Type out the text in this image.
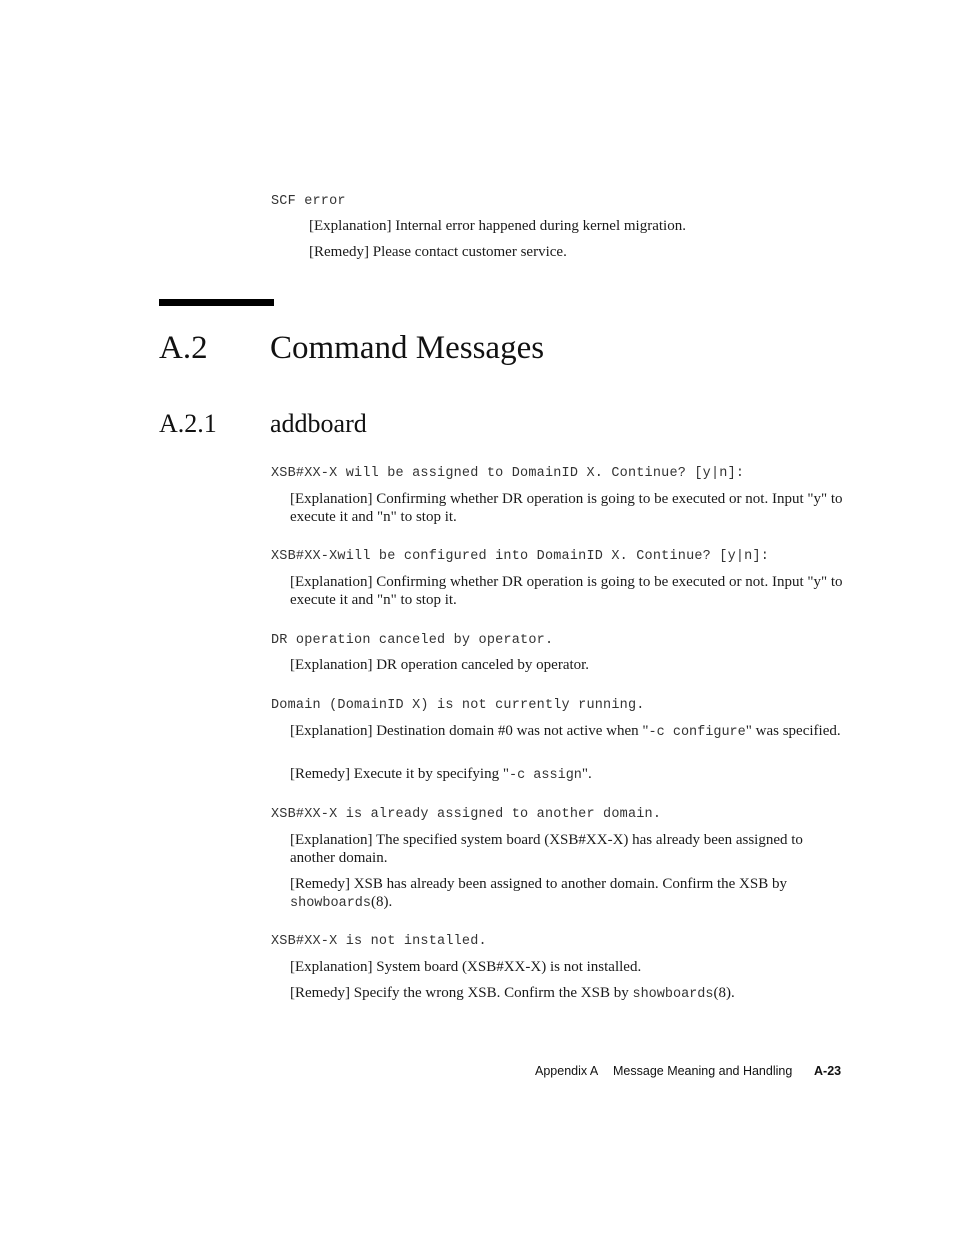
SCF error
[Explanation] Internal error happened during kernel migration.
[Remedy] Please contact customer service.
A.2 Command Messages
A.2.1 addboard
XSB#XX-X will be assigned to DomainID X. Continue? [y|n]:
[Explanation] Confirming whether DR operation is going to be executed or not. Input "y" to execute it and "n" to stop it.
XSB#XX-Xwill be configured into DomainID X. Continue? [y|n]:
[Explanation] Confirming whether DR operation is going to be executed or not. Input "y" to execute it and "n" to stop it.
DR operation canceled by operator.
[Explanation] DR operation canceled by operator.
Domain (DomainID X) is not currently running.
[Explanation] Destination domain #0 was not active when "-c configure" was specified.
[Remedy] Execute it by specifying "-c assign".
XSB#XX-X is already assigned to another domain.
[Explanation] The specified system board (XSB#XX-X) has already been assigned to another domain.
[Remedy] XSB has already been assigned to another domain. Confirm the XSB by showboards(8).
XSB#XX-X is not installed.
[Explanation] System board (XSB#XX-X) is not installed.
[Remedy] Specify the wrong XSB. Confirm the XSB by showboards(8).
Appendix A Message Meaning and Handling A-23
